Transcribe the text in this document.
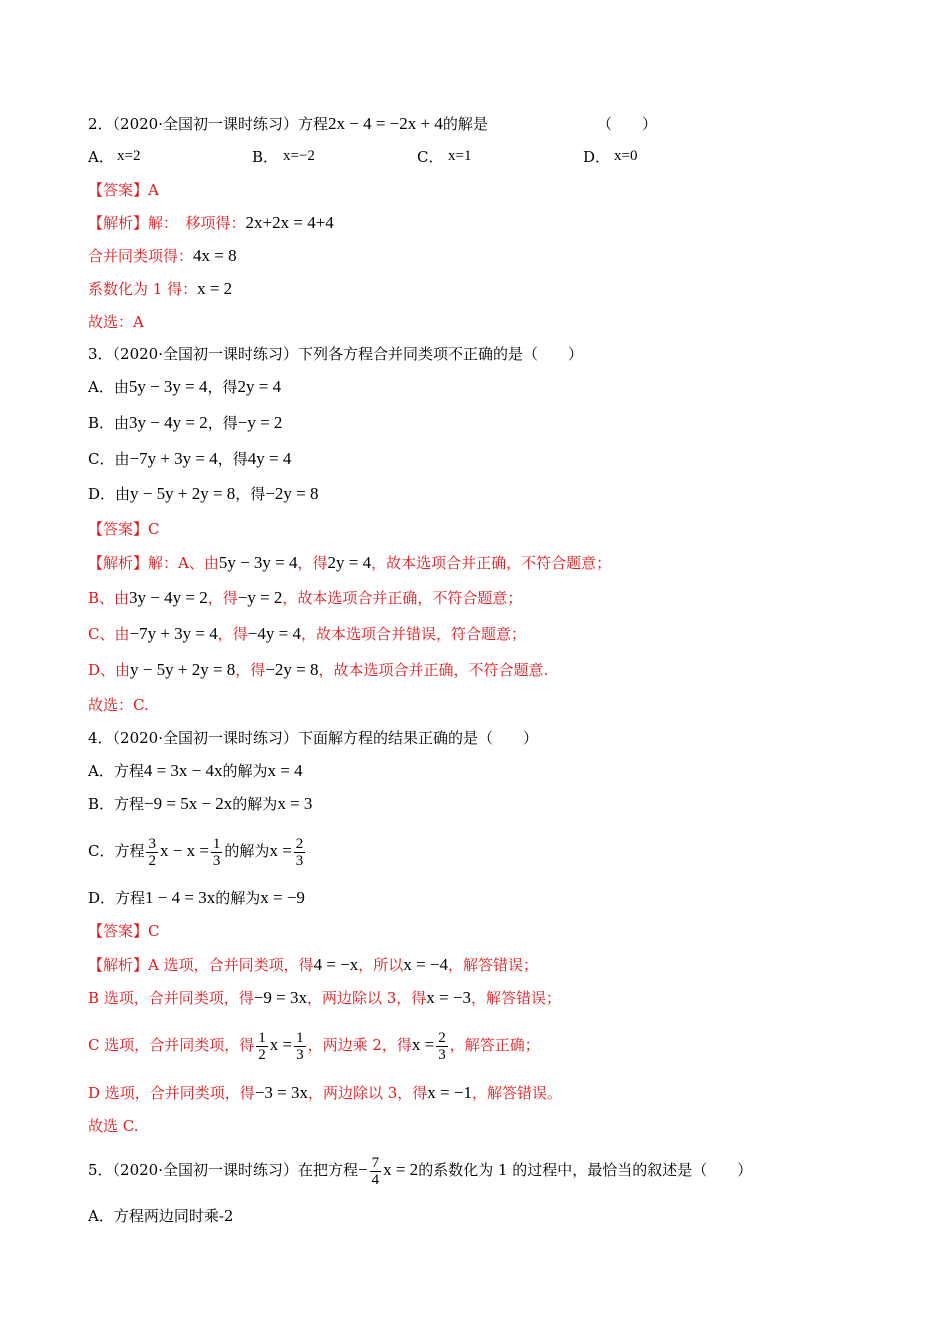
2．（2020·全国初一课时练习）方程2x − 4 = −2x + 4的解是	（　　）
A． x=2	B． x=−2	C． x=1	D． x=0
【答案】A
【解析】解：　移项得：2x+2x = 4+4
合并同类项得：4x = 8
系数化为 1 得：x = 2
故选：A
3．（2020·全国初一课时练习）下列各方程合并同类项不正确的是（　　）
A．由5y − 3y = 4，得2y = 4
B．由3y − 4y = 2，得−y = 2
C．由−7y + 3y = 4，得4y = 4
D．由y − 5y + 2y = 8，得−2y = 8
【答案】C
【解析】解：A、由5y − 3y = 4，得2y = 4，故本选项合并正确，不符合题意；
B、由3y − 4y = 2，得−y = 2，故本选项合并正确，不符合题意；
C、由−7y + 3y = 4，得−4y = 4，故本选项合并错误，符合题意；
D、由y − 5y + 2y = 8，得−2y = 8，故本选项合并正确，不符合题意.
故选：C.
4．（2020·全国初一课时练习）下面解方程的结果正确的是（　　）
A．方程4 = 3x − 4x的解为x = 4
B．方程−9 = 5x − 2x的解为x = 3
C．方程 $\frac{3}{2}$ $x - x = \frac{1}{3}$ 的解为$x = \frac{2}{3}$
D．方程1 − 4 = 3x的解为x = −9
【答案】C
【解析】A 选项，合并同类项，得4 = −x，所以x = −4，解答错误；
B 选项，合并同类项，得−9 = 3x，两边除以 3，得x = −3，解答错误；
C 选项，合并同类项，得 $\frac{1}{2}$ $x = \frac{1}{3}$ ，两边乘 2，得$x = \frac{2}{3}$ ，解答正确；
D 选项，合并同类项，得−3 = 3x，两边除以 3，得x = −1，解答错误。
故选 C.
5．（2020·全国初一课时练习）在把方程− $\frac{7}{4}$ x = 2的系数化为 1 的过程中，最恰当的叙述是（　　）
A．方程两边同时乘-2
